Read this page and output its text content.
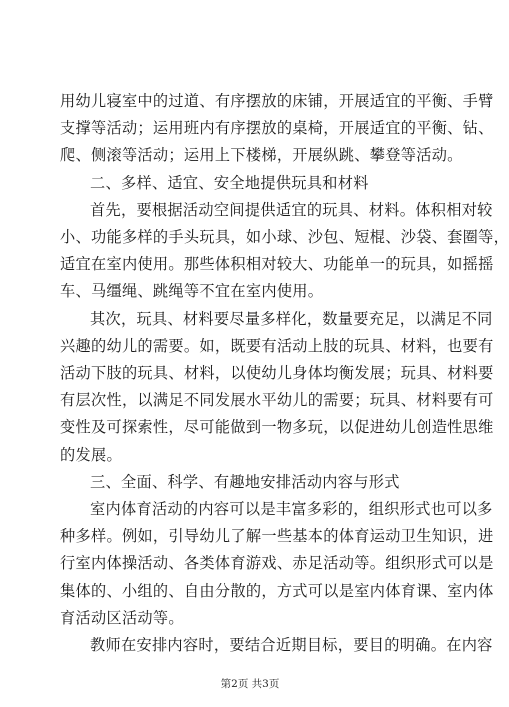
用幼儿寝室中的过道、有序摆放的床铺，开展适宜的平衡、手臂
支撑等活动；运用班内有序摆放的桌椅，开展适宜的平衡、钻、
爬、侧滚等活动；运用上下楼梯，开展纵跳、攀登等活动。
二、多样、适宜、安全地提供玩具和材料
首先，要根据活动空间提供适宜的玩具、材料。体积相对较
小、功能多样的手头玩具，如小球、沙包、短棍、沙袋、套圈等，
适宜在室内使用。那些体积相对较大、功能单一的玩具，如摇摇
车、马缰绳、跳绳等不宜在室内使用。
其次，玩具、材料要尽量多样化，数量要充足，以满足不同
兴趣的幼儿的需要。如，既要有活动上肢的玩具、材料，也要有
活动下肢的玩具、材料，以使幼儿身体均衡发展；玩具、材料要
有层次性，以满足不同发展水平幼儿的需要；玩具、材料要有可
变性及可探索性，尽可能做到一物多玩，以促进幼儿创造性思维
的发展。
三、全面、科学、有趣地安排活动内容与形式
室内体育活动的内容可以是丰富多彩的，组织形式也可以多
种多样。例如，引导幼儿了解一些基本的体育运动卫生知识，进
行室内体操活动、各类体育游戏、赤足活动等。组织形式可以是
集体的、小组的、自由分散的，方式可以是室内体育课、室内体
育活动区活动等。
教师在安排内容时，要结合近期目标，要目的明确。在内容

第2页 共3页
